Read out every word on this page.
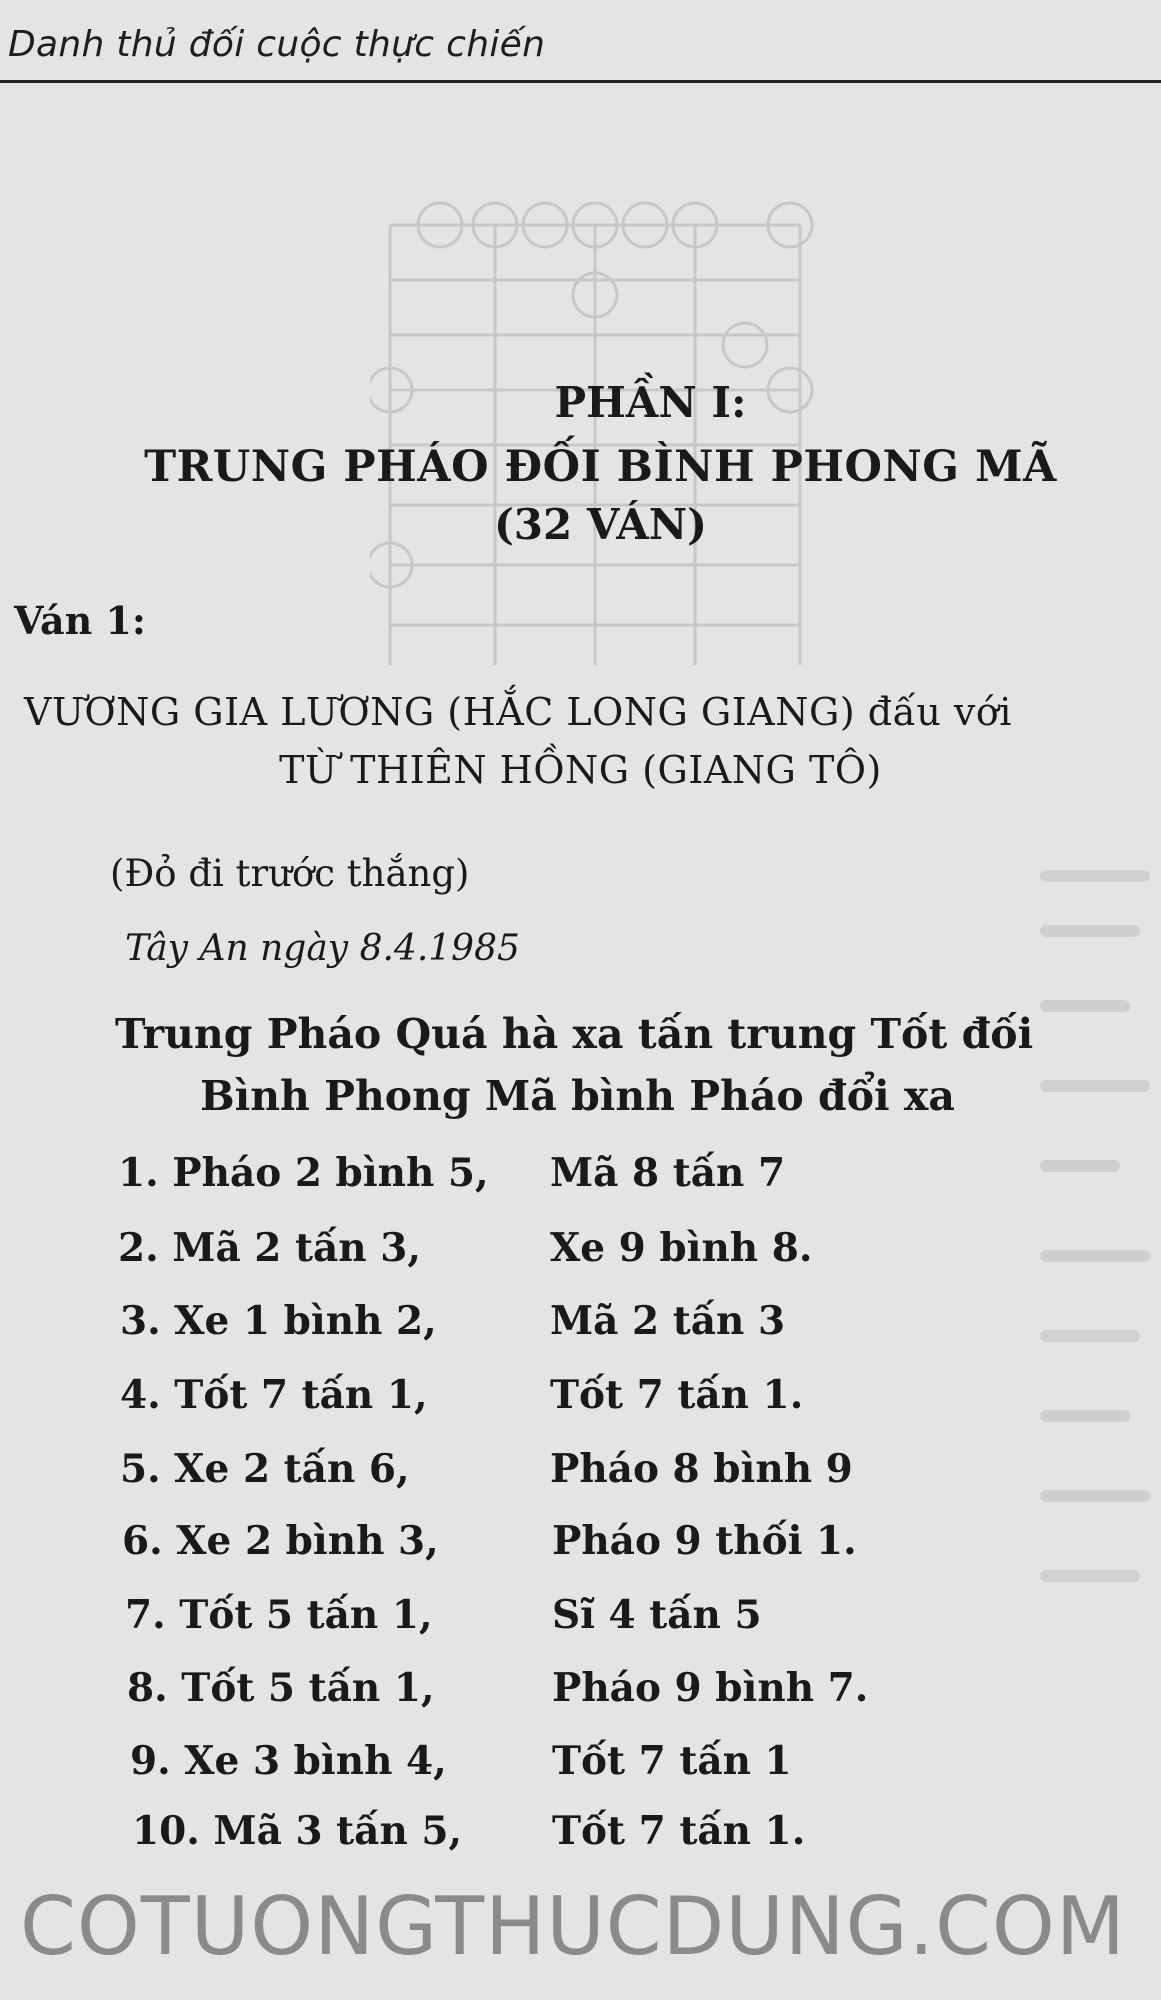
Danh thủ đối cuộc thực chiến
PHẦN I:
TRUNG PHÁO ĐỐI BÌNH PHONG MÃ
(32 VÁN)
Ván 1:
VƯƠNG GIA LƯƠNG (HẮC LONG GIANG) đấu với
TỪ THIÊN HỒNG (GIANG TÔ)
(Đỏ đi trước thắng)
Tây An ngày 8.4.1985
Trung Pháo Quá hà xa tấn trung Tốt đối
Bình Phong Mã bình Pháo đổi xa
1. Pháo 2 bình 5, Mã 8 tấn 7
2. Mã 2 tấn 3,	Xe 9 bình 8.
3. Xe 1 bình 2,	Mã 2 tấn 3
4. Tốt 7 tấn 1,	Tốt 7 tấn 1.
5. Xe 2 tấn 6,	Pháo 8 bình 9
6. Xe 2 bình 3,	Pháo 9 thối 1.
7. Tốt 5 tấn 1,	Sĩ 4 tấn 5
8. Tốt 5 tấn 1,	Pháo 9 bình 7.
9. Xe 3 bình 4,	Tốt 7 tấn 1
10. Mã 3 tấn 5, Tốt 7 tấn 1.
COTUONGTHUCDUNG.COM
